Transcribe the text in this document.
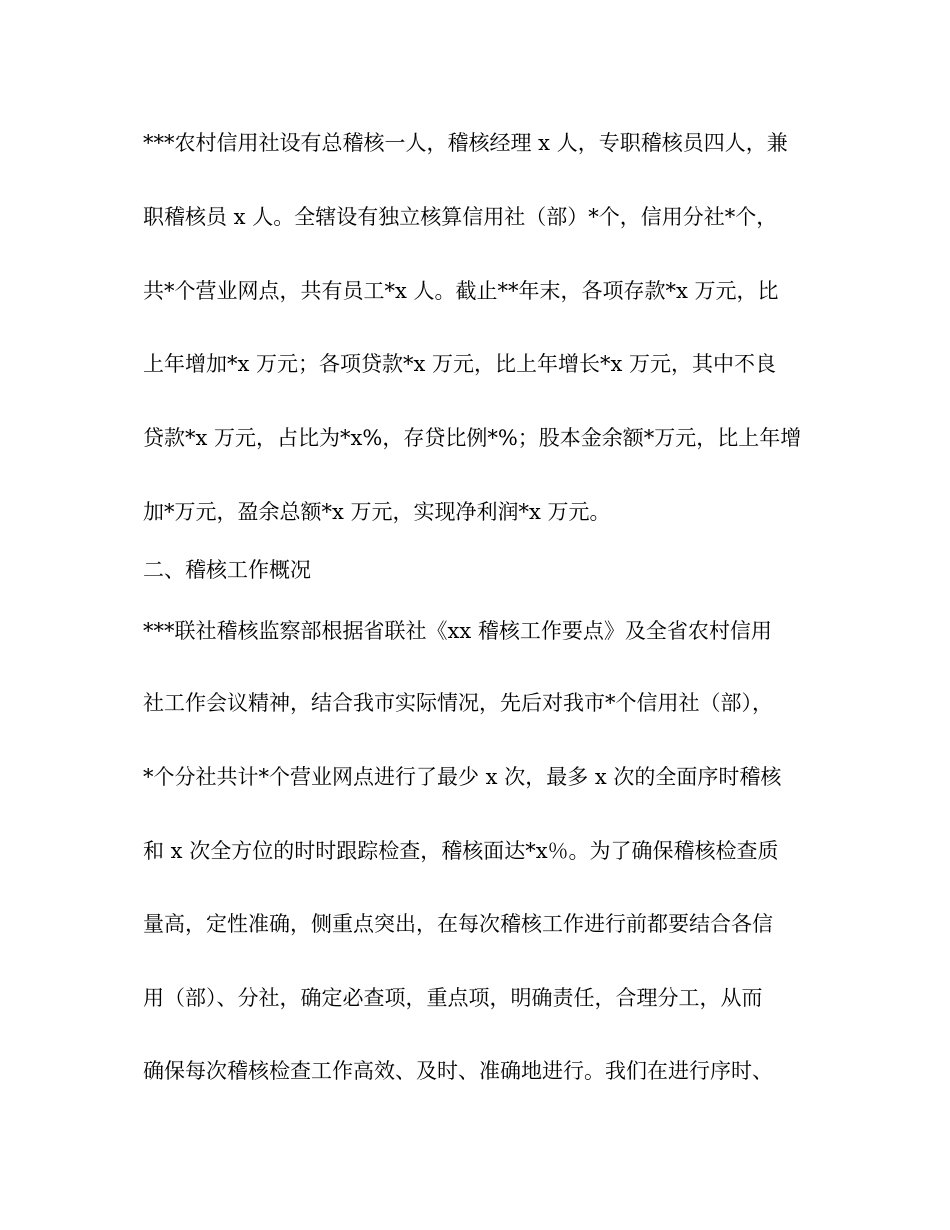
***农村信用社设有总稽核一人，稽核经理 x 人，专职稽核员四人，兼
职稽核员 x 人。全辖设有独立核算信用社（部）*个，信用分社*个，
共*个营业网点，共有员工*x 人。截止**年末，各项存款*x 万元，比
上年增加*x 万元；各项贷款*x 万元，比上年增长*x 万元，其中不良
贷款*x 万元，占比为*x%，存贷比例*%；股本金余额*万元，比上年增
加*万元，盈余总额*x 万元，实现净利润*x 万元。
二、稽核工作概况
***联社稽核监察部根据省联社《xx 稽核工作要点》及全省农村信用
社工作会议精神，结合我市实际情况，先后对我市*个信用社（部），
*个分社共计*个营业网点进行了最少 x 次，最多 x 次的全面序时稽核
和 x 次全方位的时时跟踪检查，稽核面达*x％。为了确保稽核检查质
量高，定性准确，侧重点突出，在每次稽核工作进行前都要结合各信
用（部）、分社，确定必查项，重点项，明确责任，合理分工，从而
确保每次稽核检查工作高效、及时、准确地进行。我们在进行序时、
